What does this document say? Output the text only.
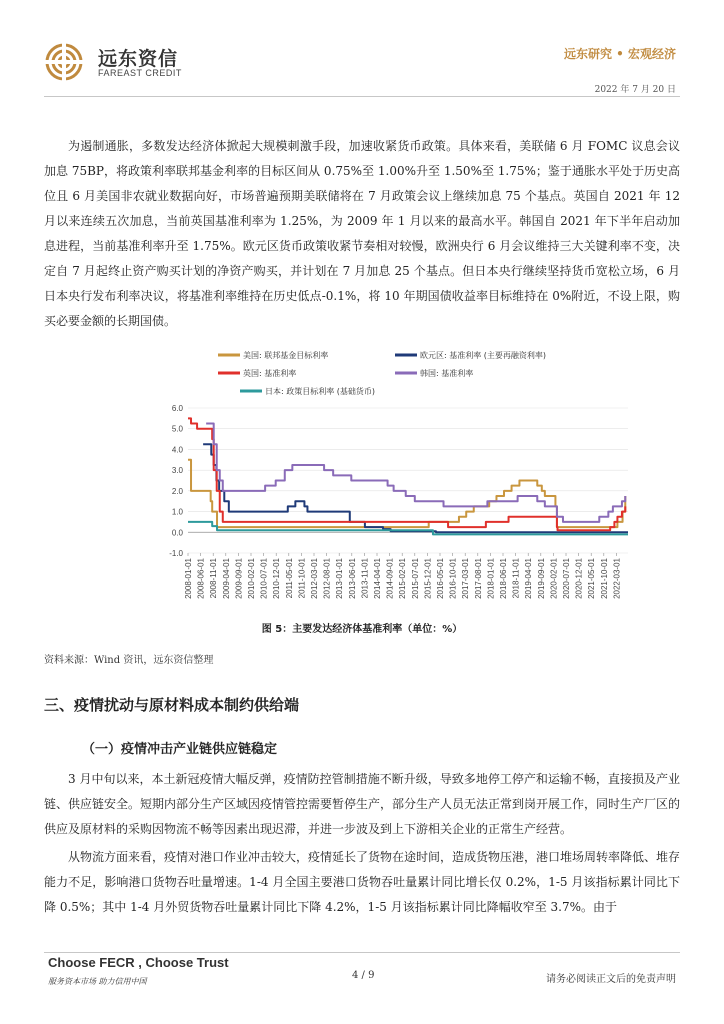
远东资信
FAREAST CREDIT
远东研究 • 宏观经济
2022 年 7 月 20 日

为遏制通胀，多数发达经济体掀起大规模刺激手段，加速收紧货币政策。具体来看，美联储 6 月 FOMC 议息会议加息 75BP，将政策利率联邦基金利率的目标区间从 0.75%至 1.00%升至 1.50%至 1.75%；鉴于通胀水平处于历史高位且 6 月美国非农就业数据向好，市场普遍预期美联储将在 7 月政策会议上继续加息 75 个基点。英国自 2021 年 12 月以来连续五次加息，当前英国基准利率为 1.25%，为 2009 年 1 月以来的最高水平。韩国自 2021 年下半年启动加息进程，当前基准利率升至 1.75%。欧元区货币政策收紧节奏相对较慢，欧洲央行 6 月会议维持三大关键利率不变，决定自 7 月起终止资产购买计划的净资产购买，并计划在 7 月加息 25 个基点。但日本央行继续坚持货币宽松立场，6 月日本央行发布利率决议，将基准利率维持在历史低点-0.1%，将 10 年期国债收益率目标维持在 0%附近，不设上限，购买必要金额的长期国债。

美国: 联邦基金目标利率	欧元区: 基准利率 (主要再融资利率)
英国: 基准利率	韩国: 基准利率
日本: 政策目标利率 (基础货币)
6.0
5.0
4.0
3.0
2.0
1.0
0.0
-1.0
2008-01-01 2008-06-01 2008-11-01 2009-04-01 2009-09-01 2010-02-01 2010-07-01 2010-12-01 2011-05-01 2011-10-01 2012-03-01 2012-08-01 2013-01-01 2013-06-01 2013-11-01 2014-04-01 2014-09-01 2015-02-01 2015-07-01 2015-12-01 2016-05-01 2016-10-01 2017-03-01 2017-08-01 2018-01-01 2018-06-01 2018-11-01 2019-04-01 2019-09-01 2020-02-01 2020-07-01 2020-12-01 2021-05-01 2021-10-01 2022-03-01
图 5：主要发达经济体基准利率（单位：%）
资料来源：Wind 资讯，远东资信整理
三、疫情扰动与原材料成本制约供给端
（一）疫情冲击产业链供应链稳定

3 月中旬以来，本土新冠疫情大幅反弹，疫情防控管制措施不断升级，导致多地停工停产和运输不畅，直接损及产业链、供应链安全。短期内部分生产区域因疫情管控需要暂停生产，部分生产人员无法正常到岗开展工作，同时生产厂区的供应及原材料的采购因物流不畅等因素出现迟滞，并进一步波及到上下游相关企业的正常生产经营。

从物流方面来看，疫情对港口作业冲击较大，疫情延长了货物在途时间，造成货物压港，港口堆场周转率降低、堆存能力不足，影响港口货物吞吐量增速。1-4 月全国主要港口货物吞吐量累计同比增长仅 0.2%，1-5 月该指标累计同比下降 0.5%；其中 1-4 月外贸货物吞吐量累计同比下降 4.2%，1-5 月该指标累计同比降幅收窄至 3.7%。由于

Choose FECR , Choose Trust
服务资本市场 助力信用中国
4 / 9	请务必阅读正文后的免责声明
